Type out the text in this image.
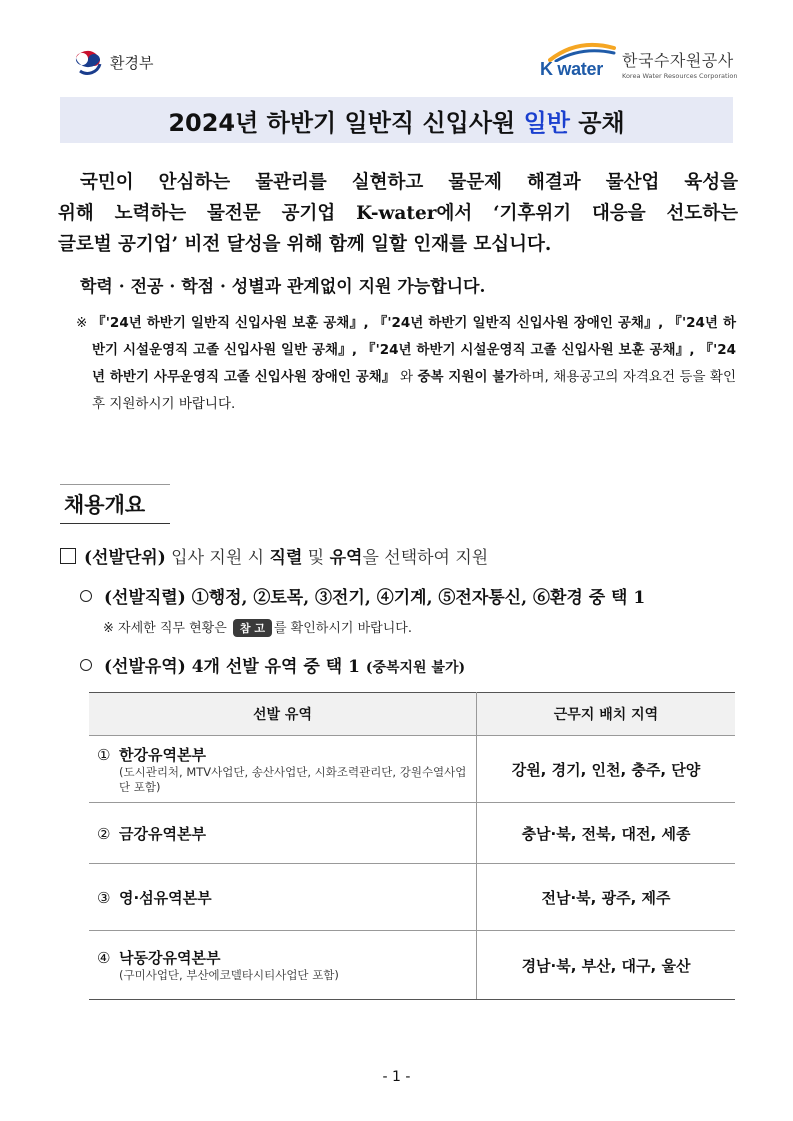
환경부	K water 한국수자원공사
Korea Water Resources Corporation
2024년 하반기 일반직 신입사원 일반 공채
국민이 안심하는 물관리를 실현하고 물문제 해결과 물산업 육성을
위해 노력하는 물전문 공기업 K-water에서 ‘기후위기 대응을 선도하는
글로벌 공기업’ 비전 달성을 위해 함께 일할 인재를 모십니다.
학력 · 전공 · 학점 · 성별과 관계없이 지원 가능합니다.
※ 『'24년 하반기 일반직 신입사원 보훈 공채』, 『'24년 하반기 일반직 신입사원 장애인 공채』, 『'24년 하반기 시설운영직 고졸 신입사원 일반 공채』, 『'24년 하반기 시설운영직 고졸 신입사원 보훈 공채』, 『'24년 하반기 사무운영직 고졸 신입사원 장애인 공채』 와 중복 지원이 불가하며, 채용공고의 자격요건 등을 확인 후 지원하시기 바랍니다.
채용개요
(선발단위) 입사 지원 시 직렬 및 유역을 선택하여 지원
(선발직렬) ①행정, ②토목, ③전기, ④기계, ⑤전자통신, ⑥환경 중 택 1
※ 자세한 직무 현황은 참 고 를 확인하시기 바랍니다.
(선발유역) 4개 선발 유역 중 택 1 (중복지원 불가)
선발 유역	근무지 배치 지역

① 한강유역본부
(도시관리처, MTV사업단, 송산사업단, 시화조력관리단, 강원수열사업단 포함)	강원, 경기, 인천, 충주, 단양

② 금강유역본부	충남·북, 전북, 대전, 세종

③ 영·섬유역본부	전남·북, 광주, 제주

④ 낙동강유역본부
(구미사업단, 부산에코델타시티사업단 포함)	경남·북, 부산, 대구, 울산
- 1 -
